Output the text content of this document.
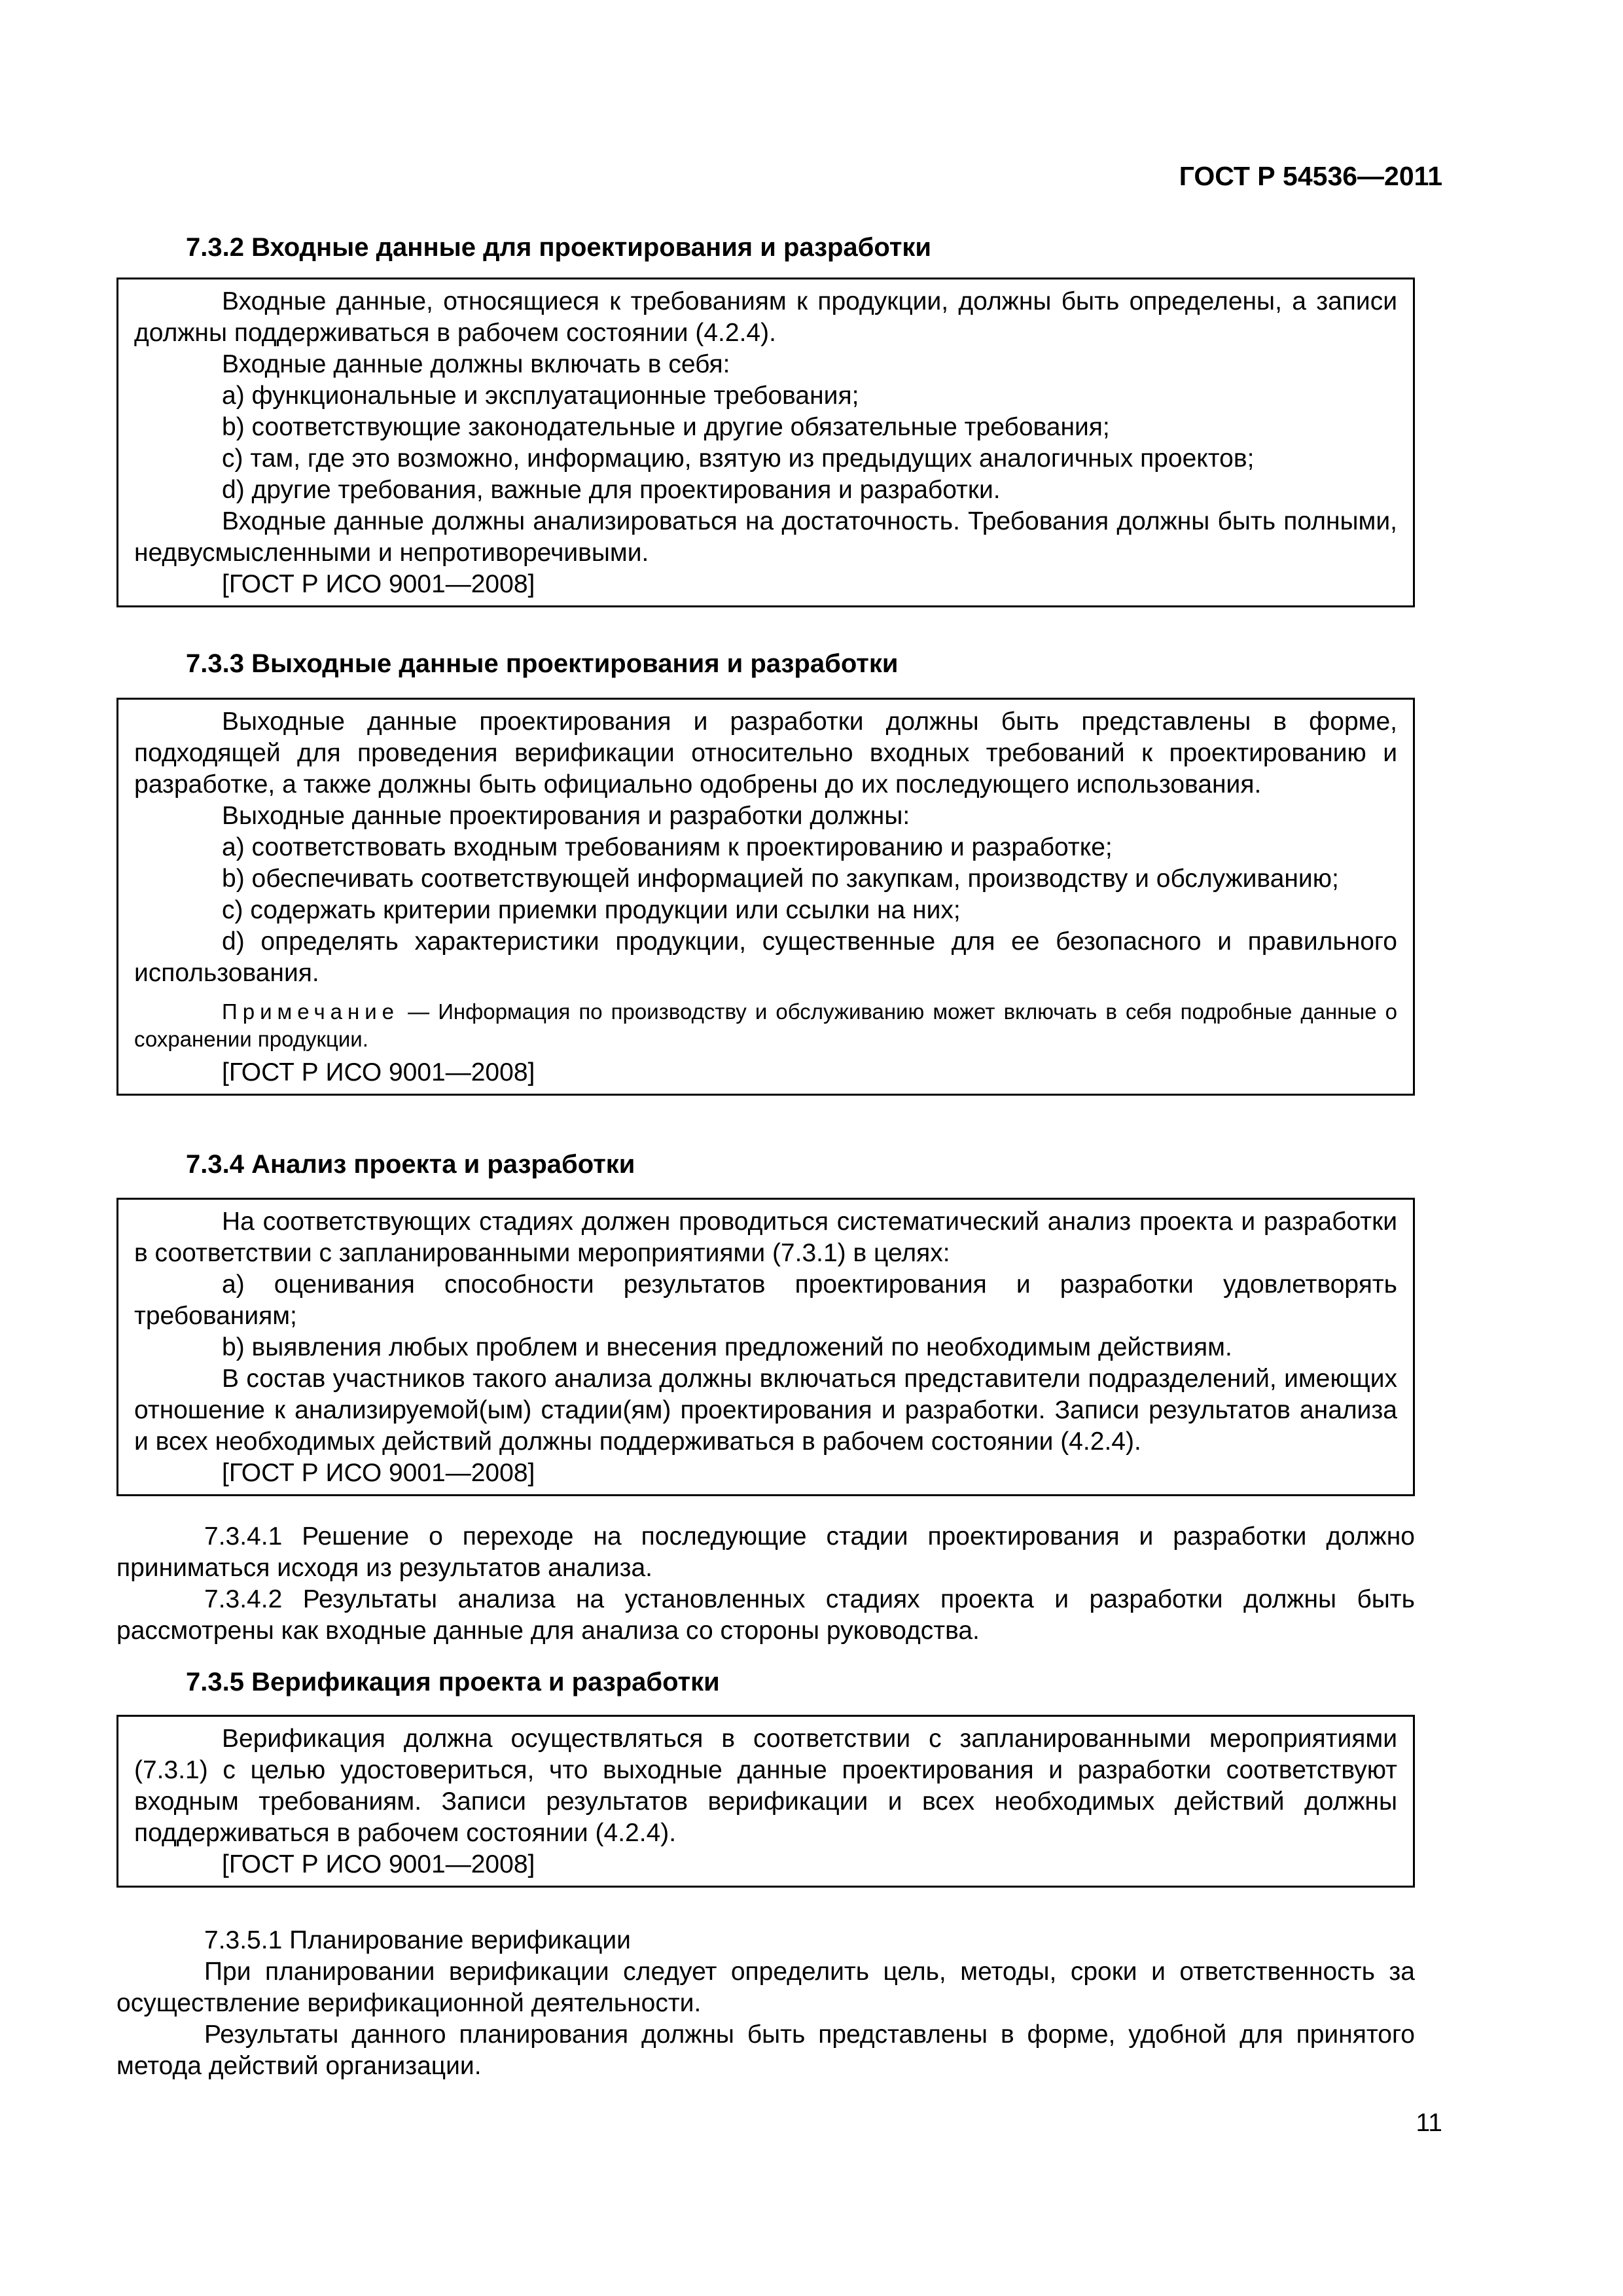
ГОСТ Р 54536—2011
7.3.2 Входные данные для проектирования и разработки

Входные данные, относящиеся к требованиям к продукции, должны быть определены, а записи должны поддерживаться в рабочем состоянии (4.2.4).

Входные данные должны включать в себя:

a) функциональные и эксплуатационные требования;

b) соответствующие законодательные и другие обязательные требования;

c) там, где это возможно, информацию, взятую из предыдущих аналогичных проектов;

d) другие требования, важные для проектирования и разработки.

Входные данные должны анализироваться на достаточность. Требования должны быть полными, недвусмысленными и непротиворечивыми.

[ГОСТ Р ИСО 9001—2008]

7.3.3 Выходные данные проектирования и разработки

Выходные данные проектирования и разработки должны быть представлены в форме, подходящей для проведения верификации относительно входных требований к проектированию и разработке, а также должны быть официально одобрены до их последующего использования.

Выходные данные проектирования и разработки должны:

a) соответствовать входным требованиям к проектированию и разработке;

b) обеспечивать соответствующей информацией по закупкам, производству и обслуживанию;

c) содержать критерии приемки продукции или ссылки на них;

d) определять характеристики продукции, существенные для ее безопасного и правильного использования.

Примечание — Информация по производству и обслуживанию может включать в себя подробные данные о сохранении продукции.

[ГОСТ Р ИСО 9001—2008]

7.3.4 Анализ проекта и разработки

На соответствующих стадиях должен проводиться систематический анализ проекта и разработки в соответствии с запланированными мероприятиями (7.3.1) в целях:

a) оценивания способности результатов проектирования и разработки удовлетворять требованиям;

b) выявления любых проблем и внесения предложений по необходимым действиям.

В состав участников такого анализа должны включаться представители подразделений, имеющих отношение к анализируемой(ым) стадии(ям) проектирования и разработки. Записи результатов анализа и всех необходимых действий должны поддерживаться в рабочем состоянии (4.2.4).

[ГОСТ Р ИСО 9001—2008]

7.3.4.1 Решение о переходе на последующие стадии проектирования и разработки должно приниматься исходя из результатов анализа.

7.3.4.2 Результаты анализа на установленных стадиях проекта и разработки должны быть рассмотрены как входные данные для анализа со стороны руководства.

7.3.5 Верификация проекта и разработки

Верификация должна осуществляться в соответствии с запланированными мероприятиями (7.3.1) с целью удостовериться, что выходные данные проектирования и разработки соответствуют входным требованиям. Записи результатов верификации и всех необходимых действий должны поддерживаться в рабочем состоянии (4.2.4).

[ГОСТ Р ИСО 9001—2008]

7.3.5.1 Планирование верификации

При планировании верификации следует определить цель, методы, сроки и ответственность за осуществление верификационной деятельности.

Результаты данного планирования должны быть представлены в форме, удобной для принятого метода действий организации.

11
